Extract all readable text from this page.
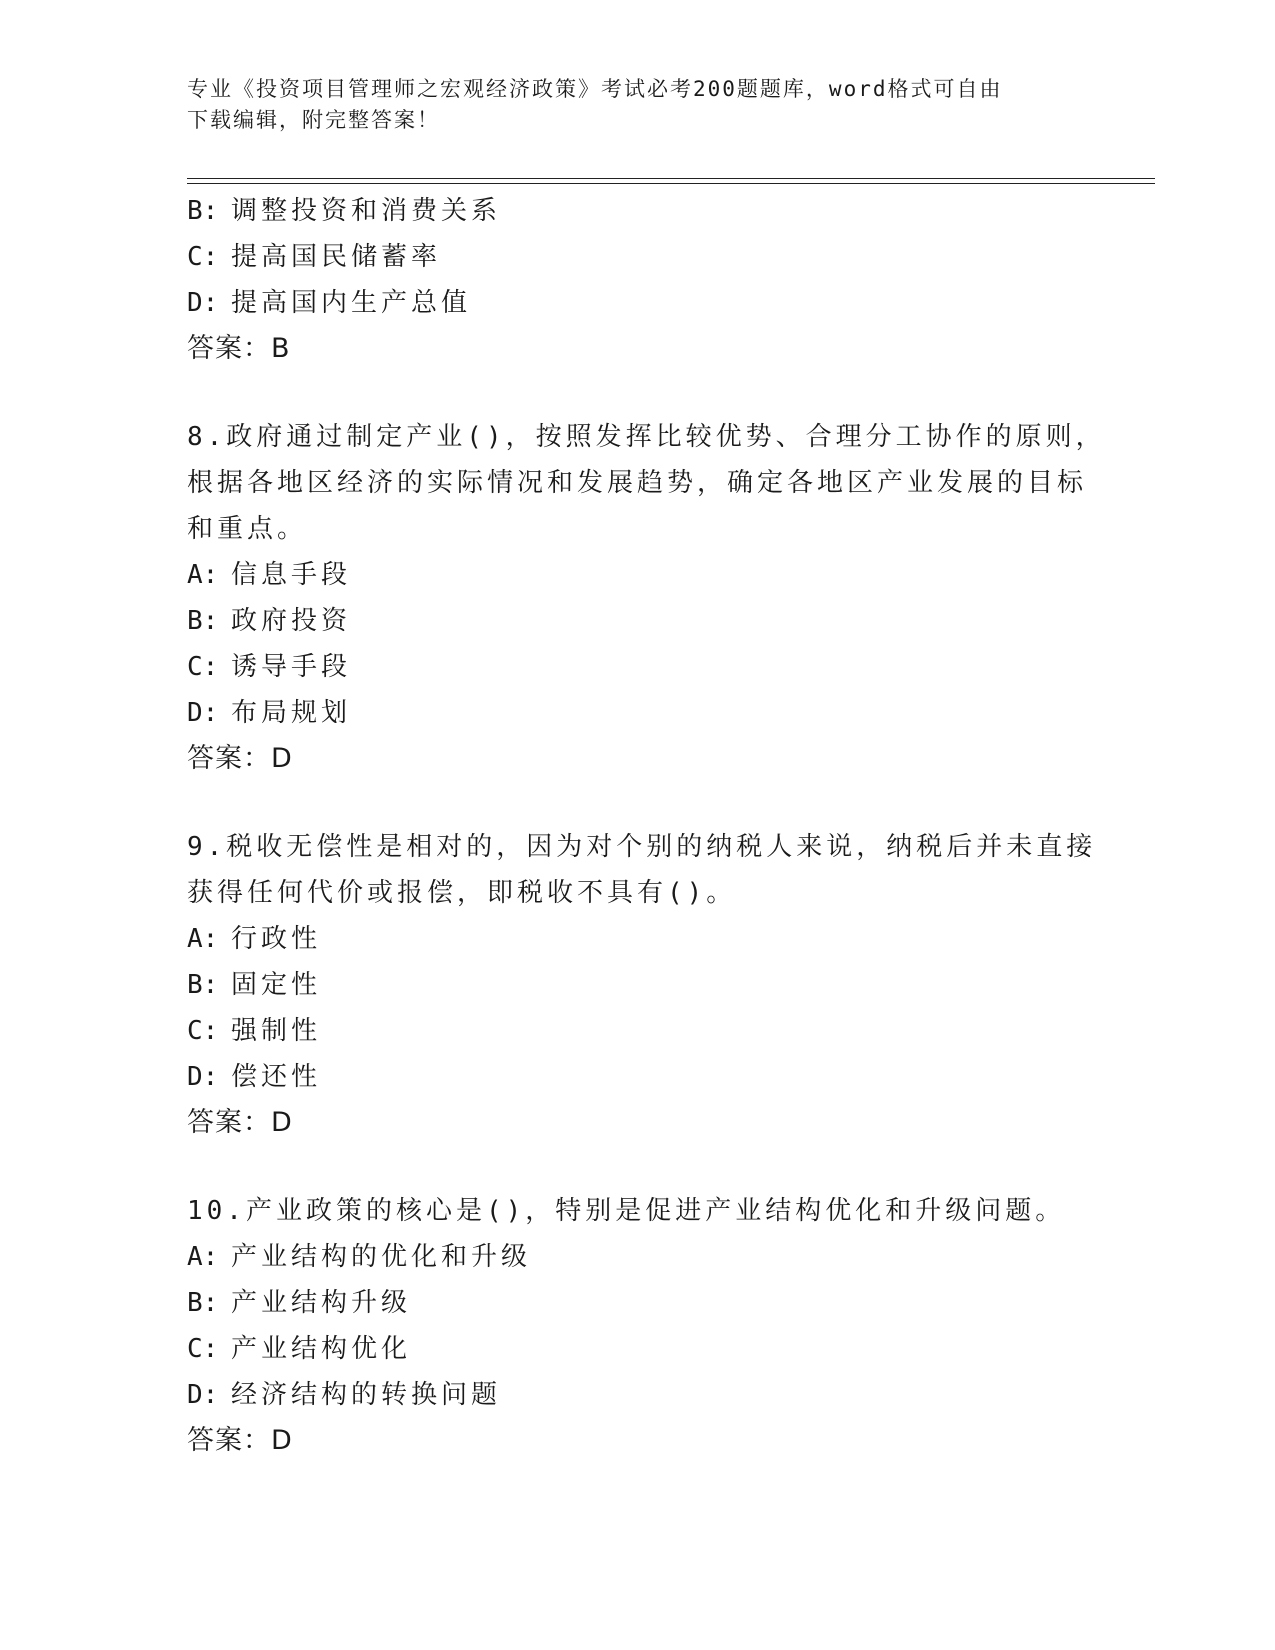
专业《投资项目管理师之宏观经济政策》考试必考200题题库，word格式可自由
下载编辑，附完整答案！
B: 调整投资和消费关系
C: 提高国民储蓄率
D: 提高国内生产总值
答案：B
8.政府通过制定产业()，按照发挥比较优势、合理分工协作的原则，
根据各地区经济的实际情况和发展趋势，确定各地区产业发展的目标
和重点。
A: 信息手段
B: 政府投资
C: 诱导手段
D: 布局规划
答案：D
9.税收无偿性是相对的，因为对个别的纳税人来说，纳税后并未直接
获得任何代价或报偿，即税收不具有()。
A: 行政性
B: 固定性
C: 强制性
D: 偿还性
答案：D
10.产业政策的核心是()，特别是促进产业结构优化和升级问题。
A: 产业结构的优化和升级
B: 产业结构升级
C: 产业结构优化
D: 经济结构的转换问题
答案：D
